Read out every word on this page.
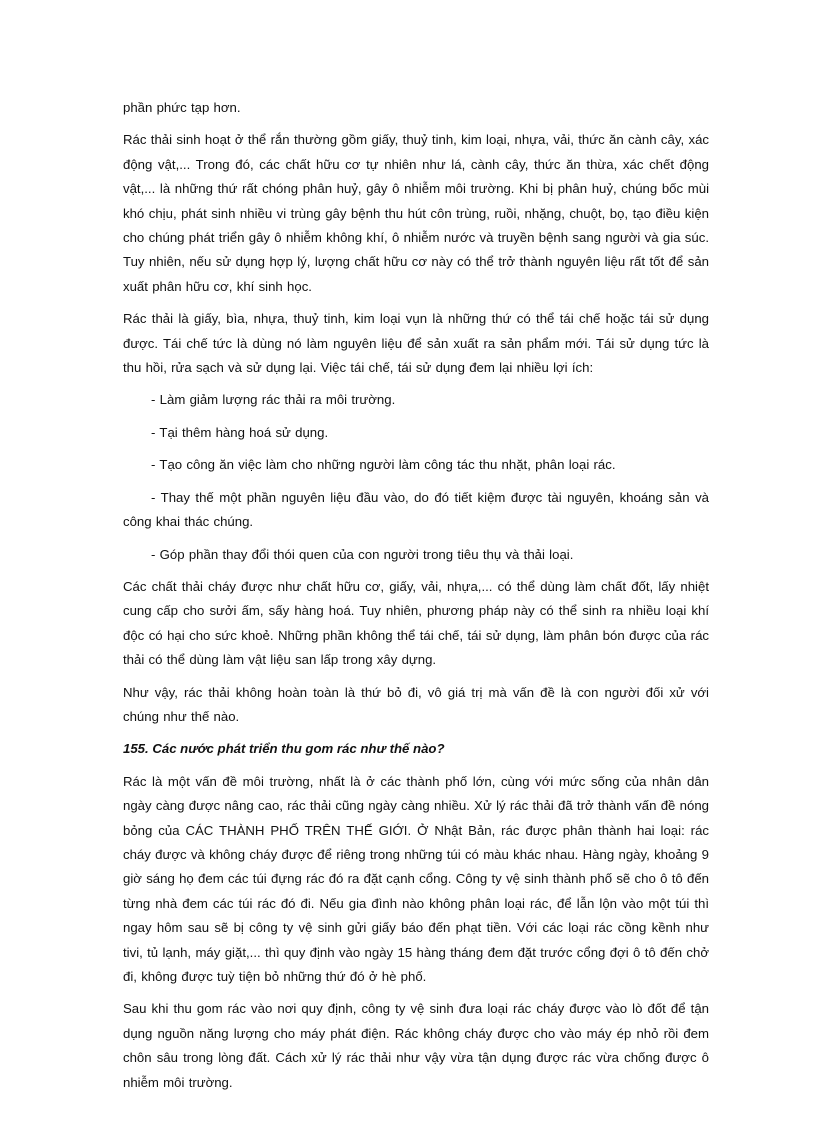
phần phức tạp hơn.

Rác thải sinh hoạt ở thể rắn thường gồm giấy, thuỷ tinh, kim loại, nhựa, vải, thức ăn cành cây, xác động vật,... Trong đó, các chất hữu cơ tự nhiên như lá, cành cây, thức ăn thừa, xác chết động vật,... là những thứ rất chóng phân huỷ, gây ô nhiễm môi trường. Khi bị phân huỷ, chúng bốc mùi khó chịu, phát sinh nhiều vi trùng gây bệnh thu hút côn trùng, ruồi, nhặng, chuột, bọ, tạo điều kiện cho chúng phát triển gây ô nhiễm không khí, ô nhiễm nước và truyền bệnh sang người và gia súc. Tuy nhiên, nếu sử dụng hợp lý, lượng chất hữu cơ này có thể trở thành nguyên liệu rất tốt để sản xuất phân hữu cơ, khí sinh học.

Rác thải là giấy, bìa, nhựa, thuỷ tinh, kim loại vụn là những thứ có thể tái chế hoặc tái sử dụng được. Tái chế tức là dùng nó làm nguyên liệu để sản xuất ra sản phẩm mới. Tái sử dụng tức là thu hồi, rửa sạch và sử dụng lại. Việc tái chế, tái sử dụng đem lại nhiều lợi ích:

- Làm giảm lượng rác thải ra môi trường.

- Tại thêm hàng hoá sử dụng.

- Tạo công ăn việc làm cho những người làm công tác thu nhặt, phân loại rác.

- Thay thế một phần nguyên liệu đầu vào, do đó tiết kiệm được tài nguyên, khoáng sản và công khai thác chúng.

- Góp phần thay đổi thói quen của con người trong tiêu thụ và thải loại.

Các chất thải cháy được như chất hữu cơ, giấy, vải, nhựa,... có thể dùng làm chất đốt, lấy nhiệt cung cấp cho sưởi ấm, sấy hàng hoá. Tuy nhiên, phương pháp này có thể sinh ra nhiều loại khí độc có hại cho sức khoẻ. Những phần không thể tái chế, tái sử dụng, làm phân bón được của rác thải có thể dùng làm vật liệu san lấp trong xây dựng.

Như vậy, rác thải không hoàn toàn là thứ bỏ đi, vô giá trị mà vấn đề là con người đối xử với chúng như thế nào.

155. Các nước phát triển thu gom rác như thế nào?

Rác là một vấn đề môi trường, nhất là ở các thành phố lớn, cùng với mức sống của nhân dân ngày càng được nâng cao, rác thải cũng ngày càng nhiều. Xử lý rác thải đã trở thành vấn đề nóng bỏng của CÁC THÀNH PHỐ TRÊN THẾ GIỚI. Ở Nhật Bản, rác được phân thành hai loại: rác cháy được và không cháy được để riêng trong những túi có màu khác nhau. Hàng ngày, khoảng 9 giờ sáng họ đem các túi đựng rác đó ra đặt cạnh cổng. Công ty vệ sinh thành phố sẽ cho ô tô đến từng nhà đem các túi rác đó đi. Nếu gia đình nào không phân loại rác, để lẫn lộn vào một túi thì ngay hôm sau sẽ bị công ty vệ sinh gửi giấy báo đến phạt tiền. Với các loại rác cồng kềnh như tivi, tủ lạnh, máy giặt,... thì quy định vào ngày 15 hàng tháng đem đặt trước cổng đợi ô tô đến chở đi, không được tuỳ tiện bỏ những thứ đó ở hè phố.

Sau khi thu gom rác vào nơi quy định, công ty vệ sinh đưa loại rác cháy được vào lò đốt để tận dụng nguồn năng lượng cho máy phát điện. Rác không cháy được cho vào máy ép nhỏ rồi đem chôn sâu trong lòng đất. Cách xử lý rác thải như vậy vừa tận dụng được rác vừa chống được ô nhiễm môi trường.
